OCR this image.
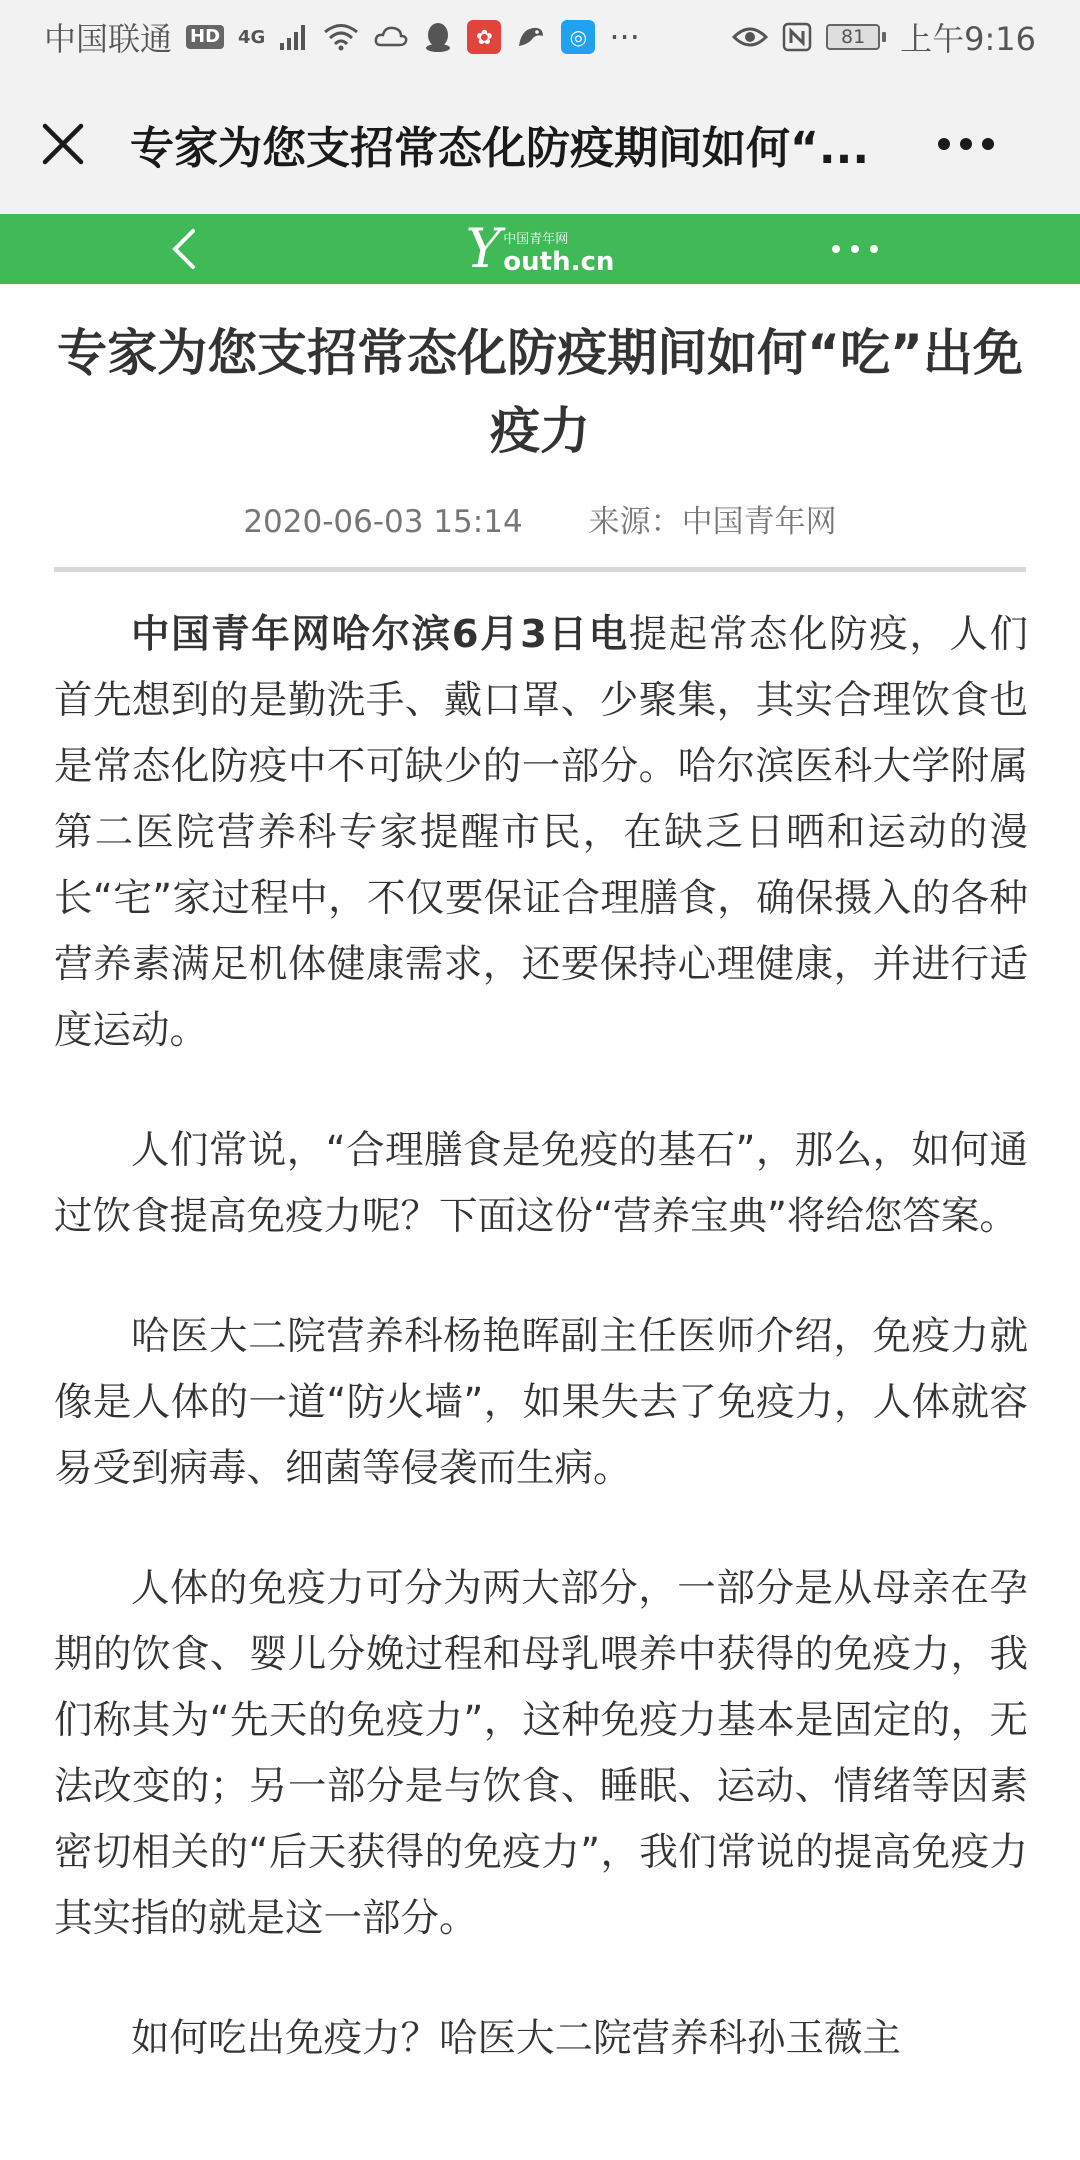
中国联通 HD 4G	✿	◎ ···	81	上午9:16
专家为您支招常态化防疫期间如何“...
Y 中国青年网
outh.cn
专家为您支招常态化防疫期间如何“吃”出免疫力
2020-06-03 15:14 来源：中国青年网

中国青年网哈尔滨6月3日电提起常态化防疫，人们首先想到的是勤洗手、戴口罩、少聚集，其实合理饮食也是常态化防疫中不可缺少的一部分。哈尔滨医科大学附属第二医院营养科专家提醒市民，在缺乏日晒和运动的漫长“宅”家过程中，不仅要保证合理膳食，确保摄入的各种营养素满足机体健康需求，还要保持心理健康，并进行适度运动。

人们常说，“合理膳食是免疫的基石”，那么，如何通过饮食提高免疫力呢？下面这份“营养宝典”将给您答案。

哈医大二院营养科杨艳晖副主任医师介绍，免疫力就像是人体的一道“防火墙”，如果失去了免疫力，人体就容易受到病毒、细菌等侵袭而生病。

人体的免疫力可分为两大部分，一部分是从母亲在孕期的饮食、婴儿分娩过程和母乳喂养中获得的免疫力，我们称其为“先天的免疫力”，这种免疫力基本是固定的，无法改变的；另一部分是与饮食、睡眠、运动、情绪等因素密切相关的“后天获得的免疫力”，我们常说的提高免疫力其实指的就是这一部分。

如何吃出免疫力？哈医大二院营养科孙玉薇主
